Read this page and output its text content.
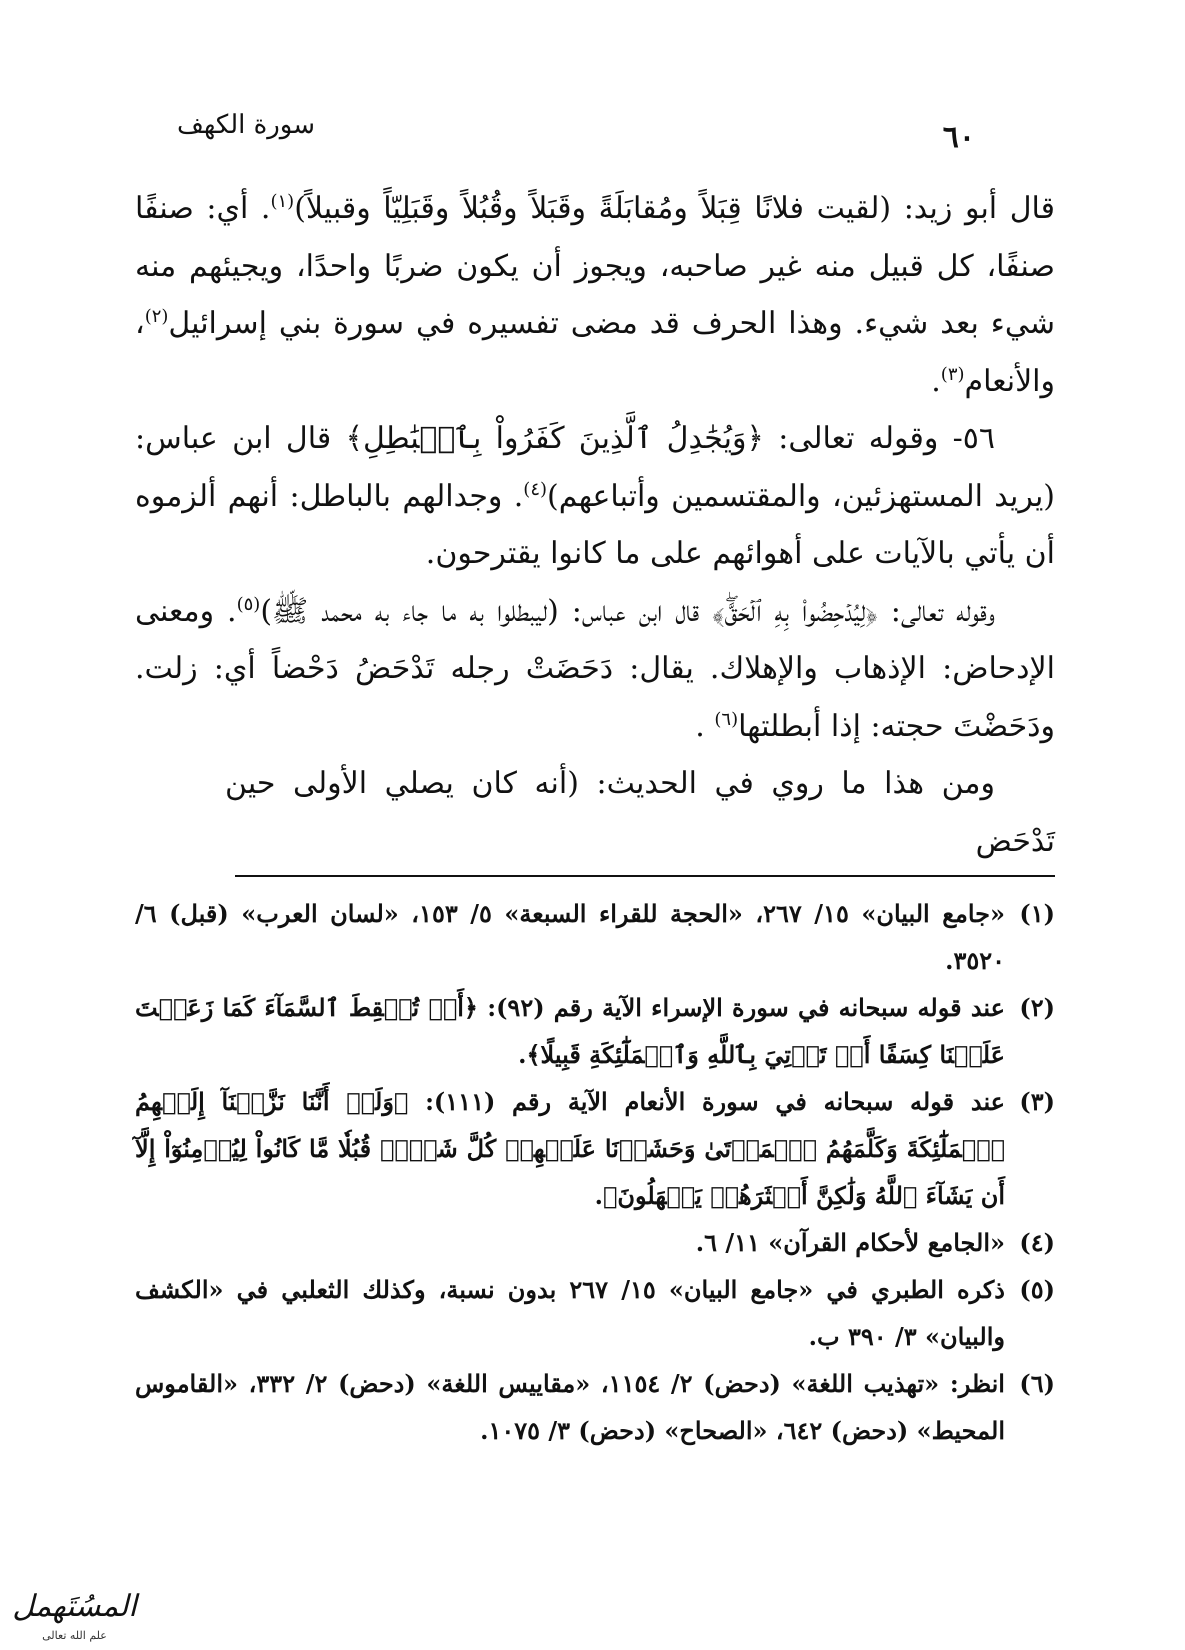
سورة الكهف	٦٠

قال أبو زيد: (لقيت فلانًا قِبَلاً ومُقابَلَةً وقَبَلاً وقُبُلاً وقَبَلِيّاً وقبيلاً)$^{(١)}$. أي: صنفًا صنفًا، كل قبيل منه غير صاحبه، ويجوز أن يكون ضربًا واحدًا، ويجيئهم منه شيء بعد شيء. وهذا الحرف قد مضى تفسيره في سورة بني إسرائيل$^{(٢)}$، والأنعام$^{(٣)}$.

٥٦- وقوله تعالى: ﴿وَيُجَٰدِلُ ٱلَّذِينَ كَفَرُواْ بِٱلۡبَٰطِلِ﴾ قال ابن عباس: (يريد المستهزئين، والمقتسمين وأتباعهم)$^{(٤)}$. وجدالهم بالباطل: أنهم ألزموه أن يأتي بالآيات على أهوائهم على ما كانوا يقترحون.

وقوله تعالى: ﴿لِيُدۡحِضُواْ بِهِ ٱلۡحَقَّۖ﴾ قال ابن عباس: (ليبطلوا به ما جاء به محمد ﷺ)$^{(٥)}$. ومعنى الإدحاض: الإذهاب والإهلاك. يقال: دَحَضَتْ رجله تَدْحَضُ دَحْضاً أي: زلت. ودَحَضْتَ حجته: إذا أبطلتها$^{(٦)}$ .

ومن هذا ما روي في الحديث: (أنه كان يصلي الأولى حين تَدْحَض

(١)
«جامع البيان» ١٥/ ٢٦٧، «الحجة للقراء السبعة» ٥/ ١٥٣، «لسان العرب» (قبل) ٦/ ٣٥٢٠.
(٢)
عند قوله سبحانه في سورة الإسراء الآية رقم (٩٢): ﴿أَوۡ تُسۡقِطَ ٱلسَّمَآءَ كَمَا زَعَمۡتَ عَلَيۡنَا كِسَفًا أَوۡ تَأۡتِيَ بِٱللَّهِ وَٱلۡمَلَٰٓئِكَةِ قَبِيلًا﴾.
(٣)
عند قوله سبحانه في سورة الأنعام الآية رقم (١١١): ﴿وَلَوۡ أَنَّنَا نَزَّلۡنَآ إِلَيۡهِمُ ٱلۡمَلَٰٓئِكَةَ وَكَلَّمَهُمُ ٱلۡمَوۡتَىٰ وَحَشَرۡنَا عَلَيۡهِمۡ كُلَّ شَيۡءٖ قُبُلٗا مَّا كَانُواْ لِيُؤۡمِنُوٓاْ إِلَّآ أَن يَشَآءَ ٱللَّهُ وَلَٰكِنَّ أَكۡثَرَهُمۡ يَجۡهَلُونَ﴾.
(٤)
«الجامع لأحكام القرآن» ١١/ ٦.
(٥)
ذكره الطبري في «جامع البيان» ١٥/ ٢٦٧ بدون نسبة، وكذلك الثعلبي في «الكشف والبيان» ٣/ ٣٩٠ ب.
(٦)
انظر: «تهذيب اللغة» (دحض) ٢/ ١١٥٤، «مقاييس اللغة» (دحض) ٢/ ٣٣٢، «القاموس المحيط» (دحض) ٦٤٢، «الصحاح» (دحض) ٣/ ١٠٧٥.
المسُتَهمل
علم الله تعالى
